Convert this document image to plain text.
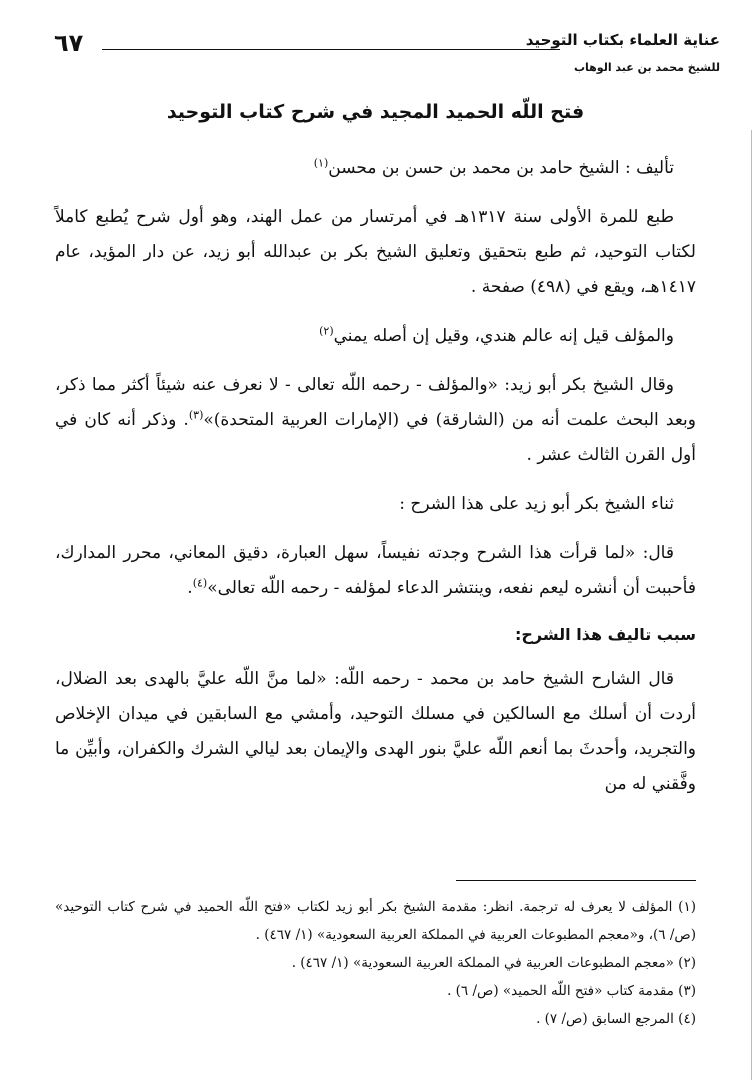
عناية العلماء بكتاب التوحيد
للشيخ محمد بن عبد الوهاب
٦٧
فتح اللّه الحميد المجيد في شرح كتاب التوحيد

تأليف : الشيخ حامد بن محمد بن حسن بن محسن$^{(١)}$

طبع للمرة الأولى سنة ١٣١٧هـ في أمرتسار من عمل الهند، وهو أول شرح يُطبع كاملاً لكتاب التوحيد، ثم طبع بتحقيق وتعليق الشيخ بكر بن عبدالله أبو زيد، عن دار المؤيد، عام ١٤١٧هـ، ويقع في (٤٩٨) صفحة .

والمؤلف قيل إنه عالم هندي، وقيل إن أصله يمني$^{(٢)}$

وقال الشيخ بكر أبو زيد: «والمؤلف - رحمه اللّه تعالى - لا نعرف عنه شيئاً أكثر مما ذكر، وبعد البحث علمت أنه من (الشارقة) في (الإمارات العربية المتحدة)»$^{(٣)}$. وذكر أنه كان في أول القرن الثالث عشر .

ثناء الشيخ بكر أبو زيد على هذا الشرح :

قال: «لما قرأت هذا الشرح وجدته نفيساً، سهل العبارة، دقيق المعاني، محرر المدارك، فأحببت أن أنشره ليعم نفعه، وينتشر الدعاء لمؤلفه - رحمه اللّه تعالى»$^{(٤)}$.

سبب تاليف هذا الشرح:

قال الشارح الشيخ حامد بن محمد - رحمه اللّه: «لما منَّ اللّه عليَّ بالهدى بعد الضلال، أردت أن أسلك مع السالكين في مسلك التوحيد، وأمشي مع السابقين في ميدان الإخلاص والتجريد، وأحدثَ بما أنعم اللّه عليَّ بنور الهدى والإيمان بعد ليالي الشرك والكفران، وأبيِّن ما وفَّقني له من

(١) المؤلف لا يعرف له ترجمة. انظر: مقدمة الشيخ بكر أبو زيد لكتاب «فتح اللّه الحميد في شرح كتاب التوحيد» (ص/ ٦)، و«معجم المطبوعات العربية في المملكة العربية السعودية» (١/ ٤٦٧) .

(٢) «معجم المطبوعات العربية في المملكة العربية السعودية» (١/ ٤٦٧) .

(٣) مقدمة كتاب «فتح اللّه الحميد» (ص/ ٦) .

(٤) المرجع السابق (ص/ ٧) .
